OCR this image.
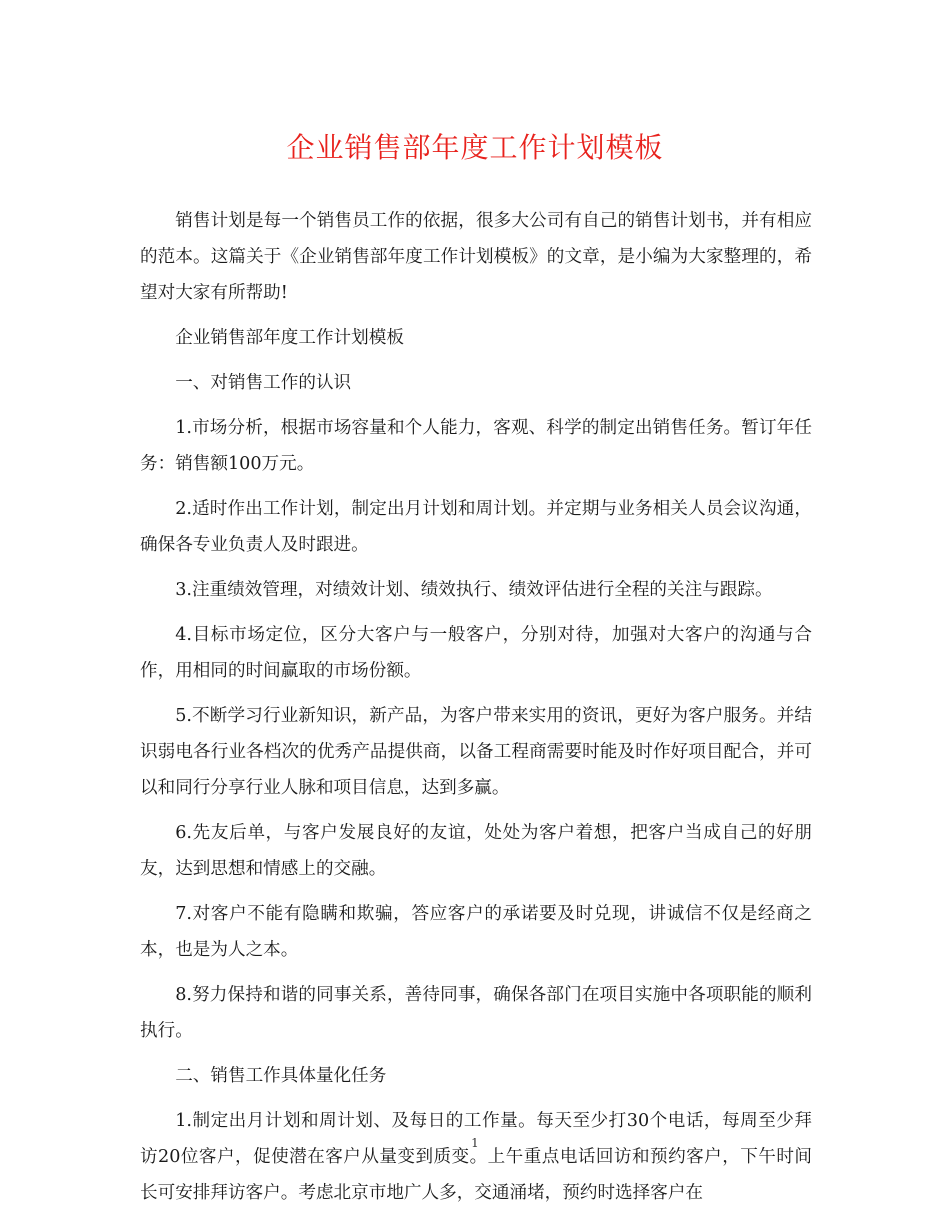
企业销售部年度工作计划模板

销售计划是每一个销售员工作的依据，很多大公司有自己的销售计划书，并有相应的范本。这篇关于《企业销售部年度工作计划模板》的文章，是小编为大家整理的，希望对大家有所帮助!

企业销售部年度工作计划模板

一、对销售工作的认识

1.市场分析，根据市场容量和个人能力，客观、科学的制定出销售任务。暂订年任务：销售额100万元。

2.适时作出工作计划，制定出月计划和周计划。并定期与业务相关人员会议沟通，确保各专业负责人及时跟进。

3.注重绩效管理，对绩效计划、绩效执行、绩效评估进行全程的关注与跟踪。

4.目标市场定位，区分大客户与一般客户，分别对待，加强对大客户的沟通与合作，用相同的时间赢取的市场份额。

5.不断学习行业新知识，新产品，为客户带来实用的资讯，更好为客户服务。并结识弱电各行业各档次的优秀产品提供商，以备工程商需要时能及时作好项目配合，并可以和同行分享行业人脉和项目信息，达到多赢。

6.先友后单，与客户发展良好的友谊，处处为客户着想，把客户当成自己的好朋友，达到思想和情感上的交融。

7.对客户不能有隐瞒和欺骗，答应客户的承诺要及时兑现，讲诚信不仅是经商之本，也是为人之本。

8.努力保持和谐的同事关系，善待同事，确保各部门在项目实施中各项职能的顺利执行。

二、销售工作具体量化任务

1.制定出月计划和周计划、及每日的工作量。每天至少打30个电话，每周至少拜访20位客户，促使潜在客户从量变到质变。上午重点电话回访和预约客户，下午时间长可安排拜访客户。考虑北京市地广人多，交通涌堵，预约时选择客户在

1
